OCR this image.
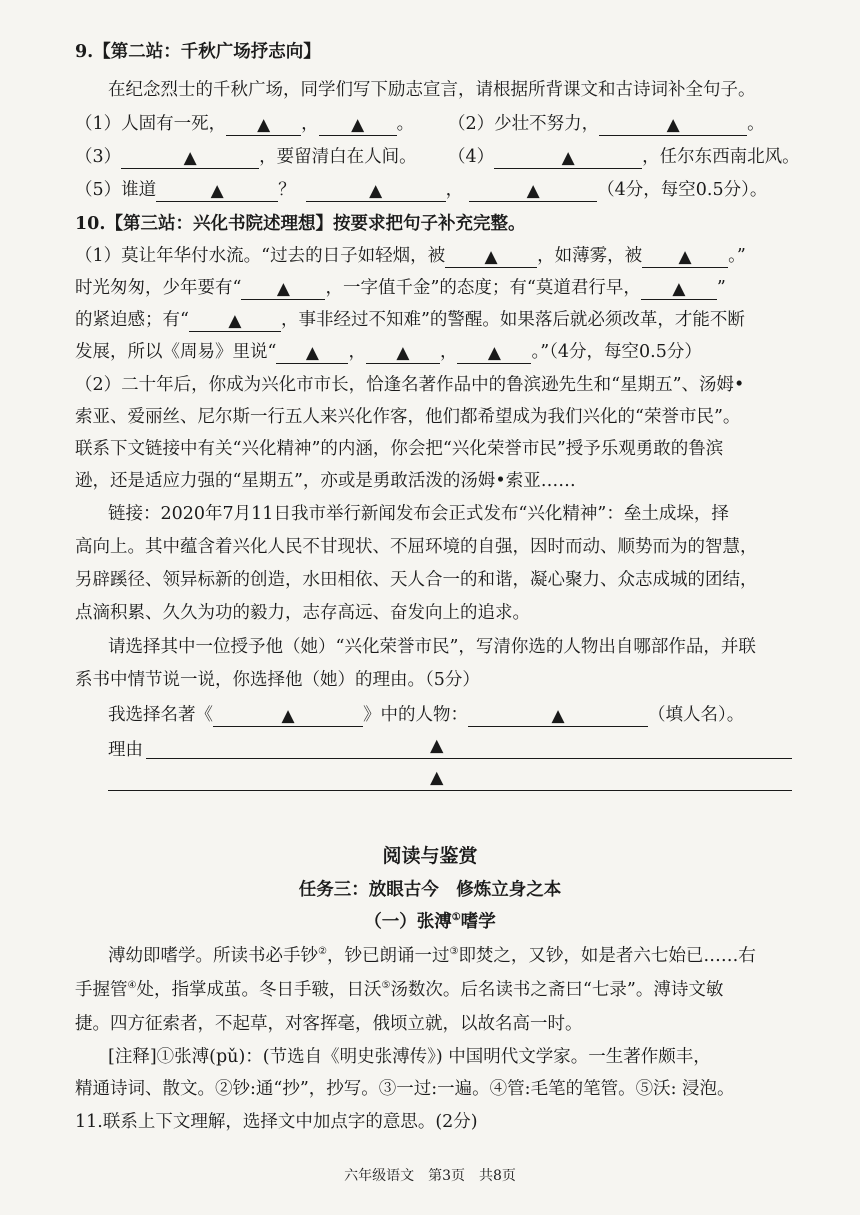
9.【第二站：千秋广场抒志向】
在纪念烈士的千秋广场，同学们写下励志宣言，请根据所背课文和古诗词补全句子。
（1）人固有一死， ▲ ， ▲ 。 （2）少壮不努力，	▲	。
（3）	▲	，要留清白在人间。 （4）	▲	，任尔东西南北风。
（5）谁道	▲	？	▲	，	▲	（4分，每空0.5分）。
10.【第三站：兴化书院述理想】按要求把句子补充完整。
（1）莫让年华付水流。“过去的日子如轻烟，被 ▲ ，如薄雾，被 ▲ 。”
时光匆匆，少年要有“ ▲ ，一字值千金”的态度；有“莫道君行早， ▲ ”
的紧迫感；有“ ▲ ，事非经过不知难”的警醒。如果落后就必须改革，才能不断
发展，所以《周易》里说“ ▲ ， ▲ ， ▲ 。”（4分，每空0.5分）
（2）二十年后，你成为兴化市市长，恰逢名著作品中的鲁滨逊先生和“星期五”、汤姆•
索亚、爱丽丝、尼尔斯一行五人来兴化作客，他们都希望成为我们兴化的“荣誉市民”。
联系下文链接中有关“兴化精神”的内涵，你会把“兴化荣誉市民”授予乐观勇敢的鲁滨
逊，还是适应力强的“星期五”，亦或是勇敢活泼的汤姆•索亚……
链接：2020年7月11日我市举行新闻发布会正式发布“兴化精神”：垒土成垛，择
高向上。其中蕴含着兴化人民不甘现状、不屈环境的自强，因时而动、顺势而为的智慧，
另辟蹊径、领异标新的创造，水田相依、天人合一的和谐，凝心聚力、众志成城的团结，
点滴积累、久久为功的毅力，志存高远、奋发向上的追求。
请选择其中一位授予他（她）“兴化荣誉市民”，写清你选的人物出自哪部作品，并联
系书中情节说一说，你选择他（她）的理由。（5分）
我选择名著《	▲	》中的人物：	▲	（填人名）。
理由	▲
▲
阅读与鉴赏
任务三：放眼古今　修炼立身之本
（一）张溥①嗜学
溥幼即嗜学。所读书必手钞②，钞已朗诵一过③即焚之，又钞，如是者六七始已……右
手握管④处，指掌成茧。冬日手皲，日沃⑤汤数次。后名读书之斋曰“七录”。溥诗文敏
捷。四方征索者，不起草，对客挥毫，俄顷立就，以故名高一时。
[注释]①张溥(pǔ)：(节选自《明史张溥传》) 中国明代文学家。一生著作颇丰，
精通诗词、散文。②钞:通“抄”，抄写。③一过:一遍。④管:毛笔的笔管。⑤沃: 浸泡。
11.联系上下文理解，选择文中加点字的意思。(2分)
六年级语文　第3页　共8页
